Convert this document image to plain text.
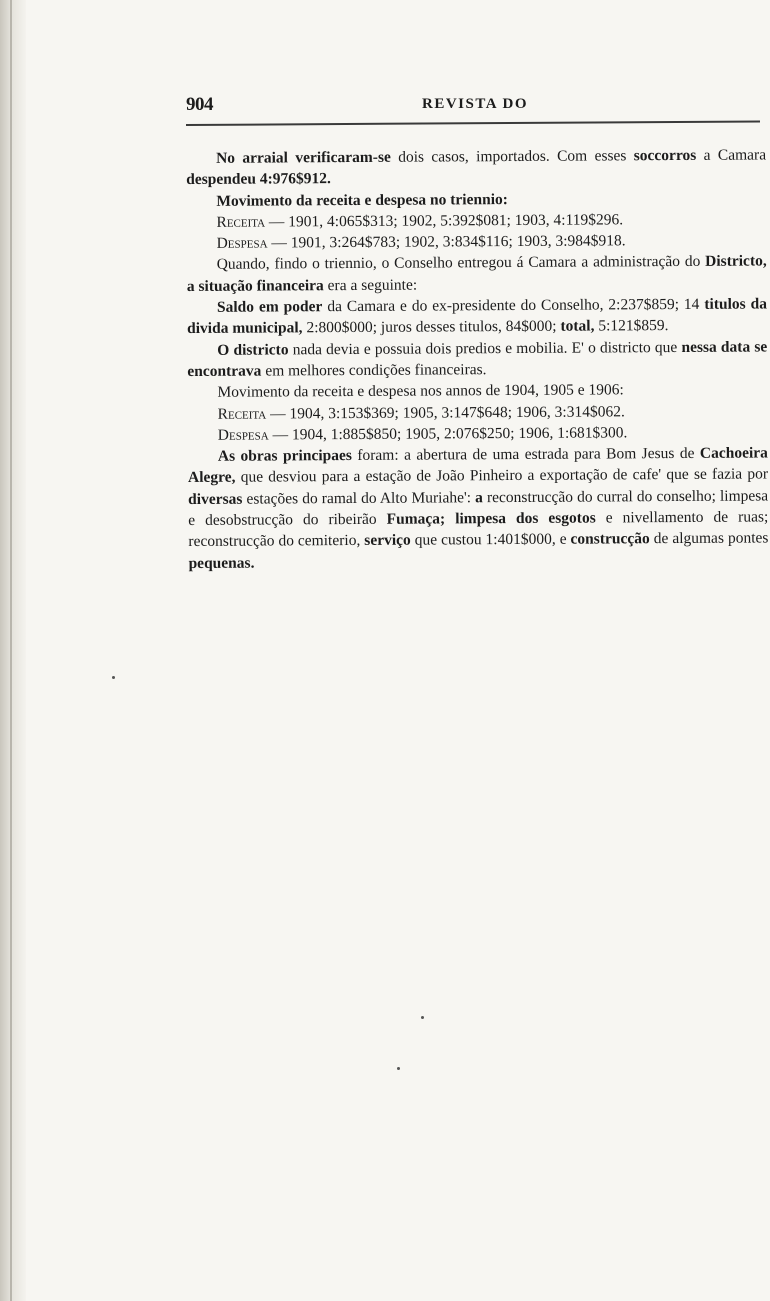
904	REVISTA DO

No arraial verificaram-se dois casos, importados. Com esses soccorros a Camara despendeu 4:976$912.

Movimento da receita e despesa no triennio:

Receita — 1901, 4:065$313; 1902, 5:392$081; 1903, 4:119$296.

Despesa — 1901, 3:264$783; 1902, 3:834$116; 1903, 3:984$918.

Quando, findo o triennio, o Conselho entregou á Camara a administração do Districto, a situação financeira era a seguinte:

Saldo em poder da Camara e do ex-presidente do Conselho, 2:237$859; 14 titulos da divida municipal, 2:800$000; juros desses titulos, 84$000; total, 5:121$859.

O districto nada devia e possuia dois predios e mobilia. E' o districto que nessa data se encontrava em melhores condições financeiras.

Movimento da receita e despesa nos annos de 1904, 1905 e 1906:

Receita — 1904, 3:153$369; 1905, 3:147$648; 1906, 3:314$062.

Despesa — 1904, 1:885$850; 1905, 2:076$250; 1906, 1:681$300.

As obras principaes foram: a abertura de uma estrada para Bom Jesus de Cachoeira Alegre, que desviou para a estação de João Pinheiro a exportação de cafe' que se fazia por diversas estações do ramal do Alto Muriahe': a reconstrucção do curral do conselho; limpesa e desobstrucção do ribeirão Fumaça; limpesa dos esgotos e nivellamento de ruas; reconstrucção do cemiterio, serviço que custou 1:401$000, e construcção de algumas pontes pequenas.
